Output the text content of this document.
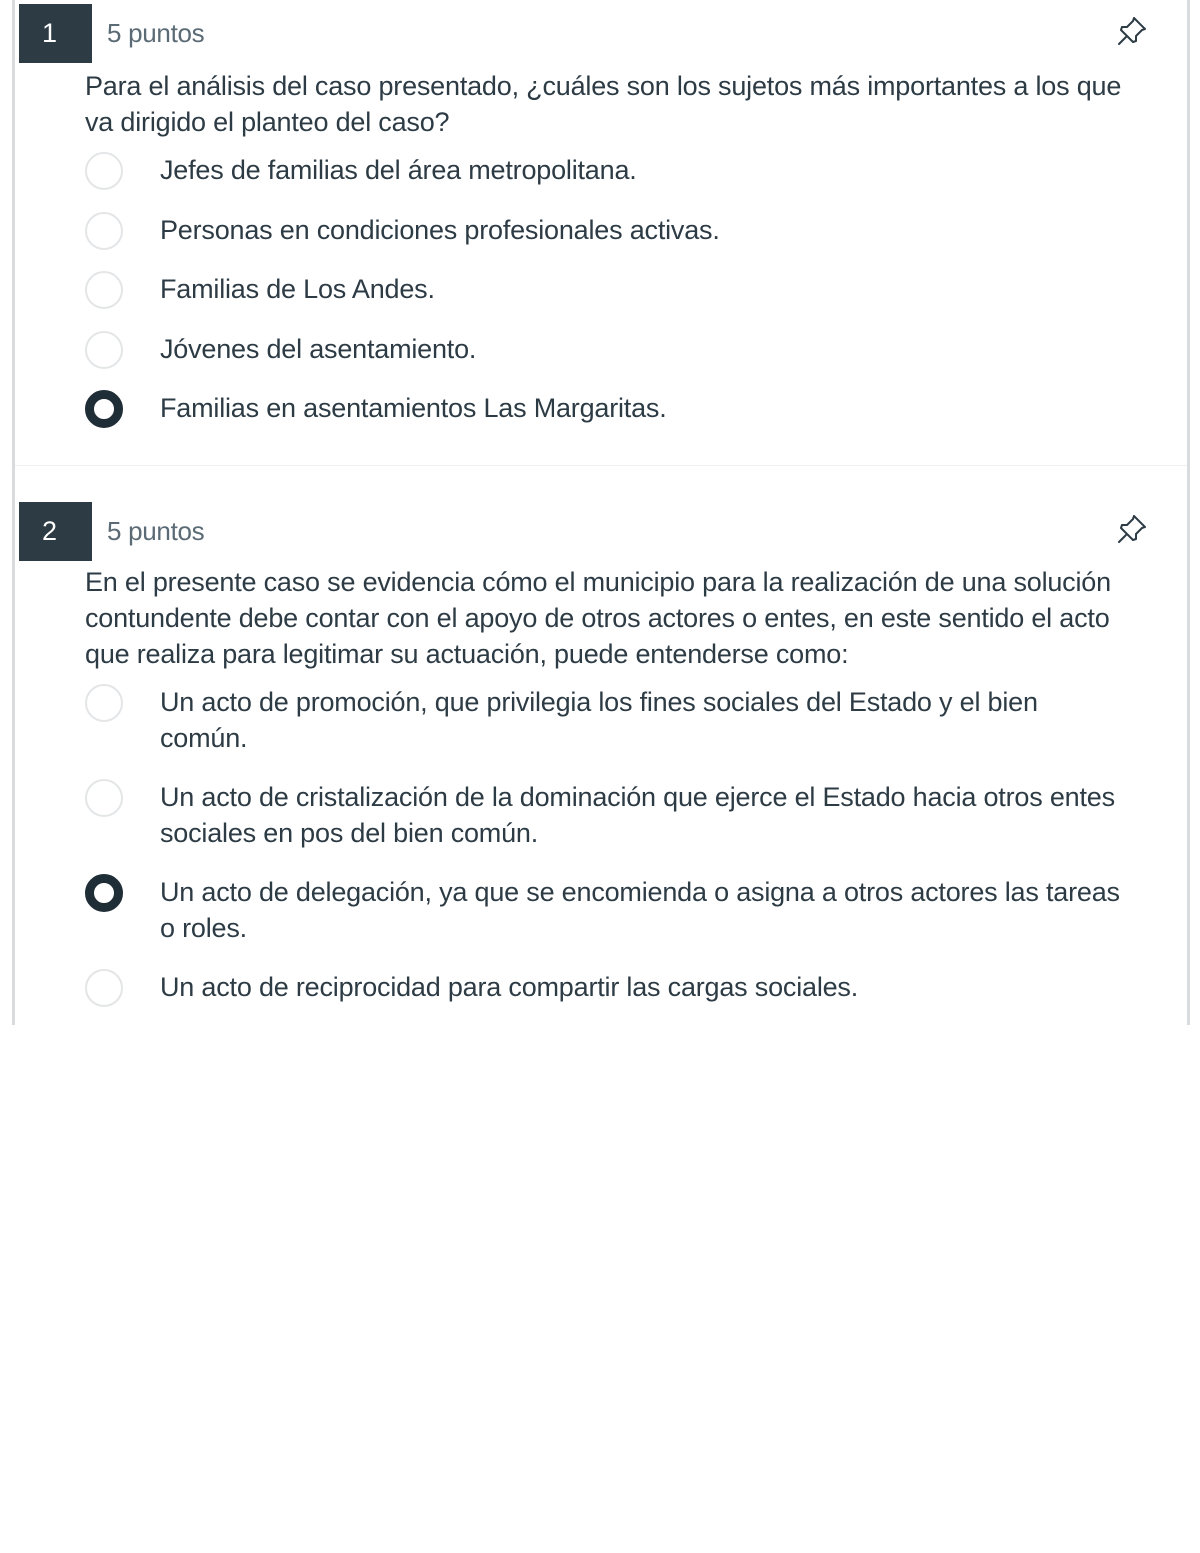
1	5 puntos
Para el análisis del caso presentado, ¿cuáles son los sujetos más importantes a los que va dirigido el planteo del caso?
Jefes de familias del área metropolitana.
Personas en condiciones profesionales activas.
Familias de Los Andes.
Jóvenes del asentamiento.
Familias en asentamientos Las Margaritas.
2	5 puntos
En el presente caso se evidencia cómo el municipio para la realización de una solución contundente debe contar con el apoyo de otros actores o entes, en este sentido el acto que realiza para legitimar su actuación, puede entenderse como:
Un acto de promoción, que privilegia los fines sociales del Estado y el bien común.
Un acto de cristalización de la dominación que ejerce el Estado hacia otros entes sociales en pos del bien común.
Un acto de delegación, ya que se encomienda o asigna a otros actores las tareas o roles.
Un acto de reciprocidad para compartir las cargas sociales.
